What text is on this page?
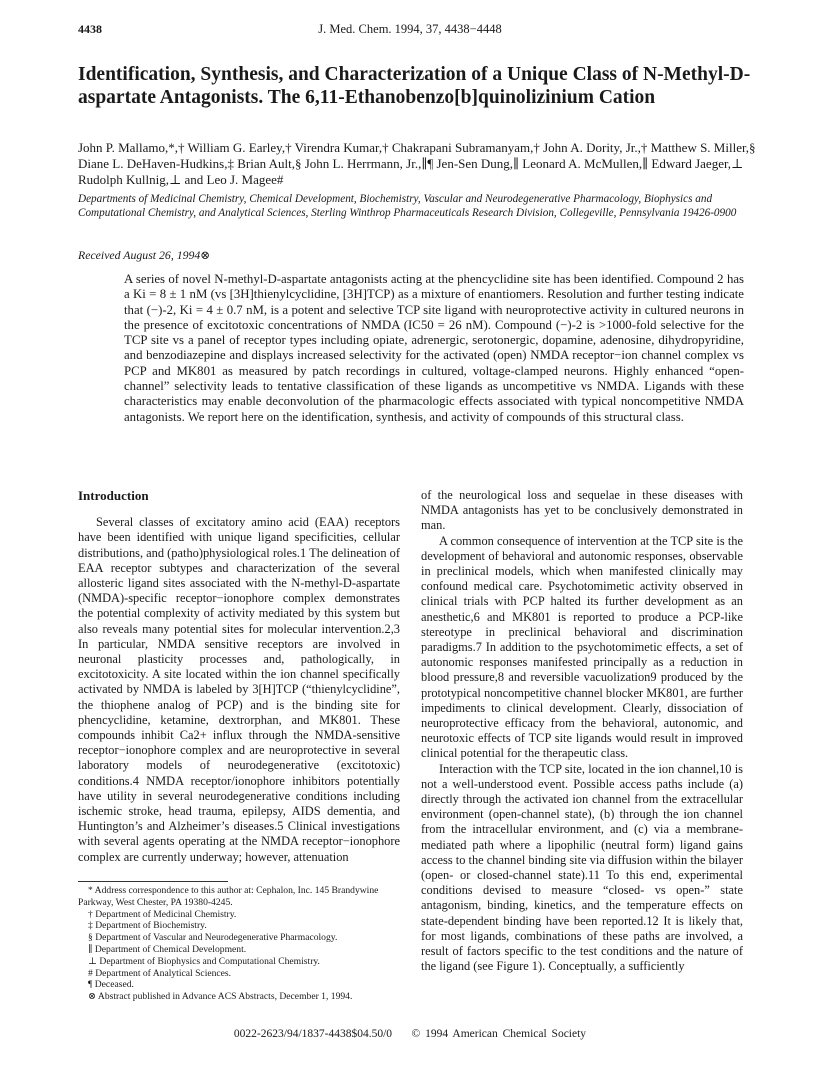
4438	J. Med. Chem. 1994, 37, 4438−4448
Identification, Synthesis, and Characterization of a Unique Class of N-Methyl-D-aspartate Antagonists. The 6,11-Ethanobenzo[b]quinolizinium Cation
John P. Mallamo,*,† William G. Earley,† Virendra Kumar,† Chakrapani Subramanyam,† John A. Dority, Jr.,† Matthew S. Miller,§ Diane L. DeHaven-Hudkins,‡ Brian Ault,§ John L. Herrmann, Jr.,∥¶ Jen-Sen Dung,∥ Leonard A. McMullen,∥ Edward Jaeger,⊥ Rudolph Kullnig,⊥ and Leo J. Magee#
Departments of Medicinal Chemistry, Chemical Development, Biochemistry, Vascular and Neurodegenerative Pharmacology, Biophysics and Computational Chemistry, and Analytical Sciences, Sterling Winthrop Pharmaceuticals Research Division, Collegeville, Pennsylvania 19426-0900
Received August 26, 1994⊗
A series of novel N-methyl-D-aspartate antagonists acting at the phencyclidine site has been identified. Compound 2 has a Ki = 8 ± 1 nM (vs [3H]thienylcyclidine, [3H]TCP) as a mixture of enantiomers. Resolution and further testing indicate that (−)-2, Ki = 4 ± 0.7 nM, is a potent and selective TCP site ligand with neuroprotective activity in cultured neurons in the presence of excitotoxic concentrations of NMDA (IC50 = 26 nM). Compound (−)-2 is >1000-fold selective for the TCP site vs a panel of receptor types including opiate, adrenergic, serotonergic, dopamine, adenosine, dihydropyridine, and benzodiazepine and displays increased selectivity for the activated (open) NMDA receptor−ion channel complex vs PCP and MK801 as measured by patch recordings in cultured, voltage-clamped neurons. Highly enhanced “open-channel” selectivity leads to tentative classification of these ligands as uncompetitive vs NMDA. Ligands with these characteristics may enable deconvolution of the pharmacologic effects associated with typical noncompetitive NMDA antagonists. We report here on the identification, synthesis, and activity of compounds of this structural class.
Introduction

Several classes of excitatory amino acid (EAA) receptors have been identified with unique ligand specificities, cellular distributions, and (patho)physiological roles.1 The delineation of EAA receptor subtypes and characterization of the several allosteric ligand sites associated with the N-methyl-D-aspartate (NMDA)-specific receptor−ionophore complex demonstrates the potential complexity of activity mediated by this system but also reveals many potential sites for molecular intervention.2,3 In particular, NMDA sensitive receptors are involved in neuronal plasticity processes and, pathologically, in excitotoxicity. A site located within the ion channel specifically activated by NMDA is labeled by 3[H]TCP (“thienylcyclidine”, the thiophene analog of PCP) and is the binding site for phencyclidine, ketamine, dextrorphan, and MK801. These compounds inhibit Ca2+ influx through the NMDA-sensitive receptor−ionophore complex and are neuroprotective in several laboratory models of neurodegenerative (excitotoxic) conditions.4 NMDA receptor/ionophore inhibitors potentially have utility in several neurodegenerative conditions including ischemic stroke, head trauma, epilepsy, AIDS dementia, and Huntington’s and Alzheimer’s diseases.5 Clinical investigations with several agents operating at the NMDA receptor−ionophore complex are currently underway; however, attenuation

of the neurological loss and sequelae in these diseases with NMDA antagonists has yet to be conclusively demonstrated in man.

A common consequence of intervention at the TCP site is the development of behavioral and autonomic responses, observable in preclinical models, which when manifested clinically may confound medical care. Psychotomimetic activity observed in clinical trials with PCP halted its further development as an anesthetic,6 and MK801 is reported to produce a PCP-like stereotype in preclinical behavioral and discrimination paradigms.7 In addition to the psychotomimetic effects, a set of autonomic responses manifested principally as a reduction in blood pressure,8 and reversible vacuolization9 produced by the prototypical noncompetitive channel blocker MK801, are further impediments to clinical development. Clearly, dissociation of neuroprotective efficacy from the behavioral, autonomic, and neurotoxic effects of TCP site ligands would result in improved clinical potential for the therapeutic class.

Interaction with the TCP site, located in the ion channel,10 is not a well-understood event. Possible access paths include (a) directly through the activated ion channel from the extracellular environment (open-channel state), (b) through the ion channel from the intracellular environment, and (c) via a membrane-mediated path where a lipophilic (neutral form) ligand gains access to the channel binding site via diffusion within the bilayer (open- or closed-channel state).11 To this end, experimental conditions devised to measure “closed- vs open-” state antagonism, binding, kinetics, and the temperature effects on state-dependent binding have been reported.12 It is likely that, for most ligands, combinations of these paths are involved, a result of factors specific to the test conditions and the nature of the ligand (see Figure 1). Conceptually, a sufficiently

* Address correspondence to this author at: Cephalon, Inc. 145 Brandywine Parkway, West Chester, PA 19380-4245.
† Department of Medicinal Chemistry.
‡ Department of Biochemistry.
§ Department of Vascular and Neurodegenerative Pharmacology.
∥ Department of Chemical Development.
⊥ Department of Biophysics and Computational Chemistry.
# Department of Analytical Sciences.
¶ Deceased.
⊗ Abstract published in Advance ACS Abstracts, December 1, 1994.
0022-2623/94/1837-4438$04.50/0 © 1994 American Chemical Society
